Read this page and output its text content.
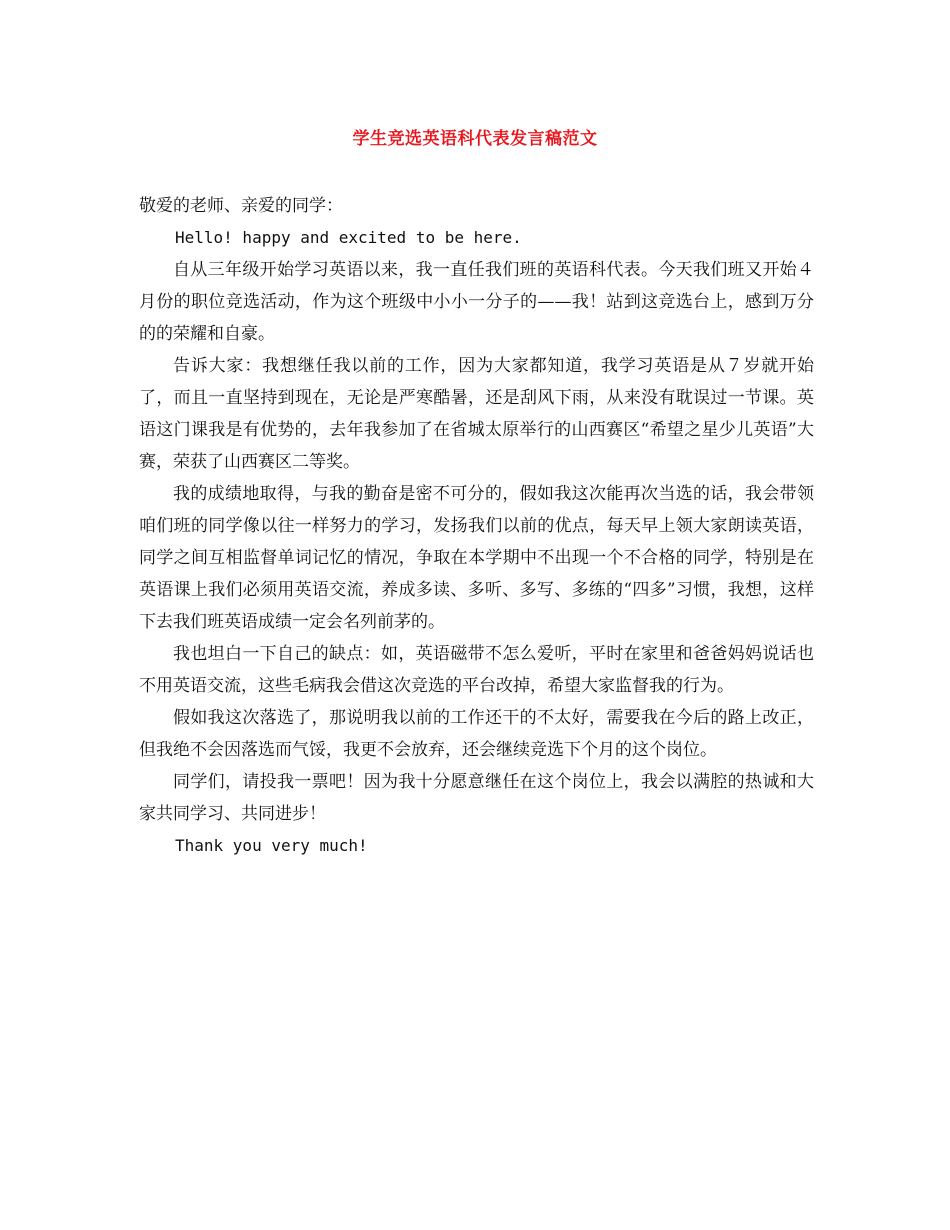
学生竞选英语科代表发言稿范文

敬爱的老师、亲爱的同学：

Hello! happy and excited to be here.

自从三年级开始学习英语以来，我一直任我们班的英语科代表。今天我们班又开始４月份的职位竞选活动，作为这个班级中小小一分子的——我！站到这竞选台上，感到万分的的荣耀和自豪。

告诉大家：我想继任我以前的工作，因为大家都知道，我学习英语是从７岁就开始了，而且一直坚持到现在，无论是严寒酷暑，还是刮风下雨，从来没有耽误过一节课。英语这门课我是有优势的，去年我参加了在省城太原举行的山西赛区“希望之星少儿英语”大赛，荣获了山西赛区二等奖。

我的成绩地取得，与我的勤奋是密不可分的，假如我这次能再次当选的话，我会带领咱们班的同学像以往一样努力的学习，发扬我们以前的优点，每天早上领大家朗读英语，同学之间互相监督单词记忆的情况，争取在本学期中不出现一个不合格的同学，特别是在英语课上我们必须用英语交流，养成多读、多听、多写、多练的“四多”习惯，我想，这样下去我们班英语成绩一定会名列前茅的。

我也坦白一下自己的缺点：如，英语磁带不怎么爱听，平时在家里和爸爸妈妈说话也不用英语交流，这些毛病我会借这次竞选的平台改掉，希望大家监督我的行为。

假如我这次落选了，那说明我以前的工作还干的不太好，需要我在今后的路上改正，但我绝不会因落选而气馁，我更不会放弃，还会继续竞选下个月的这个岗位。

同学们，请投我一票吧！因为我十分愿意继任在这个岗位上，我会以满腔的热诚和大家共同学习、共同进步！

Thank you very much!
